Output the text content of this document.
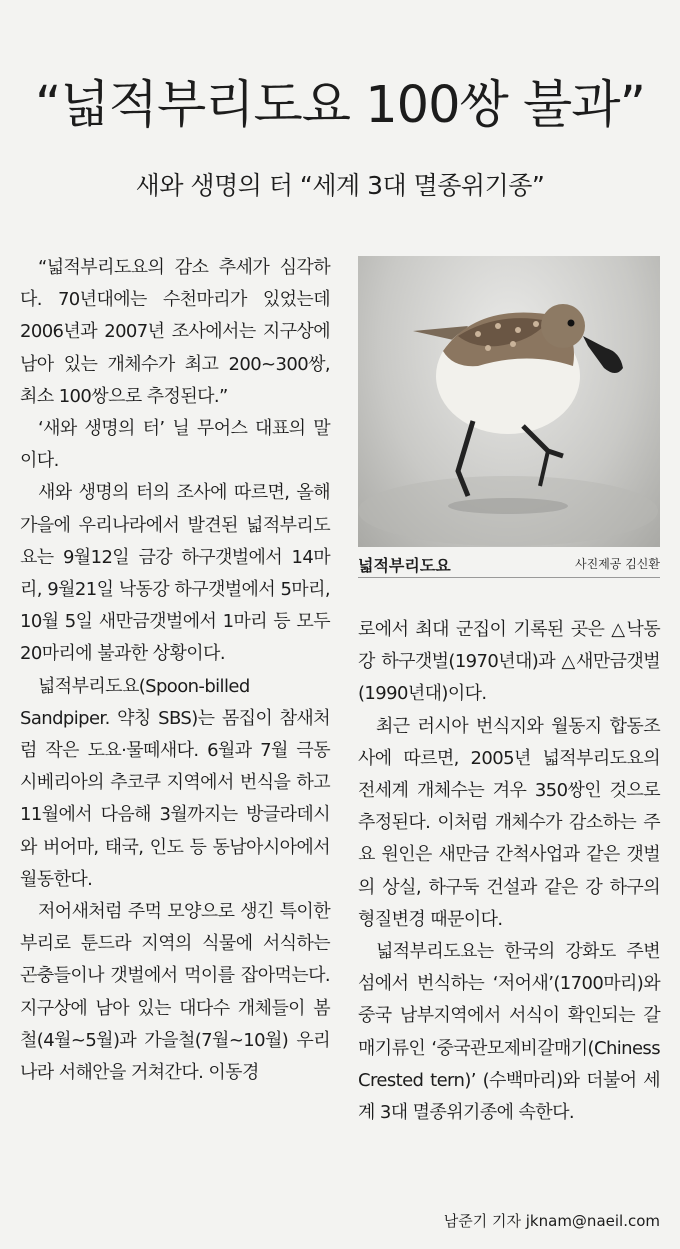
“넓적부리도요 100쌍 불과”
새와 생명의 터 “세계 3대 멸종위기종”

“넓적부리도요의 감소 추세가 심각하다. 70년대에는 수천마리가 있었는데 2006년과 2007년 조사에서는 지구상에 남아 있는 개체수가 최고 200~300쌍, 최소 100쌍으로 추정된다.”

‘새와 생명의 터’ 닐 무어스 대표의 말이다.

새와 생명의 터의 조사에 따르면, 올해 가을에 우리나라에서 발견된 넓적부리도요는 9월12일 금강 하구갯벌에서 14마리, 9월21일 낙동강 하구갯벌에서 5마리, 10월 5일 새만금갯벌에서 1마리 등 모두 20마리에 불과한 상황이다.

넓적부리도요(Spoon-billed Sandpiper. 약칭 SBS)는 몸집이 참새처럼 작은 도요·물떼새다. 6월과 7월 극동 시베리아의 추코쿠 지역에서 번식을 하고 11월에서 다음해 3월까지는 방글라데시와 버어마, 태국, 인도 등 동남아시아에서 월동한다.

저어새처럼 주먹 모양으로 생긴 특이한 부리로 툰드라 지역의 식물에 서식하는 곤충들이나 갯벌에서 먹이를 잡아먹는다. 지구상에 남아 있는 대다수 개체들이 봄철(4월~5월)과 가을철(7월~10월) 우리나라 서해안을 거쳐간다. 이동경

넓적부리도요	사진제공 김신환

로에서 최대 군집이 기록된 곳은 △낙동강 하구갯벌(1970년대)과 △새만금갯벌(1990년대)이다.

최근 러시아 번식지와 월동지 합동조사에 따르면, 2005년 넓적부리도요의 전세계 개체수는 겨우 350쌍인 것으로 추정된다. 이처럼 개체수가 감소하는 주요 원인은 새만금 간척사업과 같은 갯벌의 상실, 하구둑 건설과 같은 강 하구의 형질변경 때문이다.

넓적부리도요는 한국의 강화도 주변 섬에서 번식하는 ‘저어새’(1700마리)와 중국 남부지역에서 서식이 확인되는 갈매기류인 ‘중국관모제비갈매기(Chiness Crested tern)’ (수백마리)와 더불어 세계 3대 멸종위기종에 속한다.

남준기 기자 jknam@naeil.com
